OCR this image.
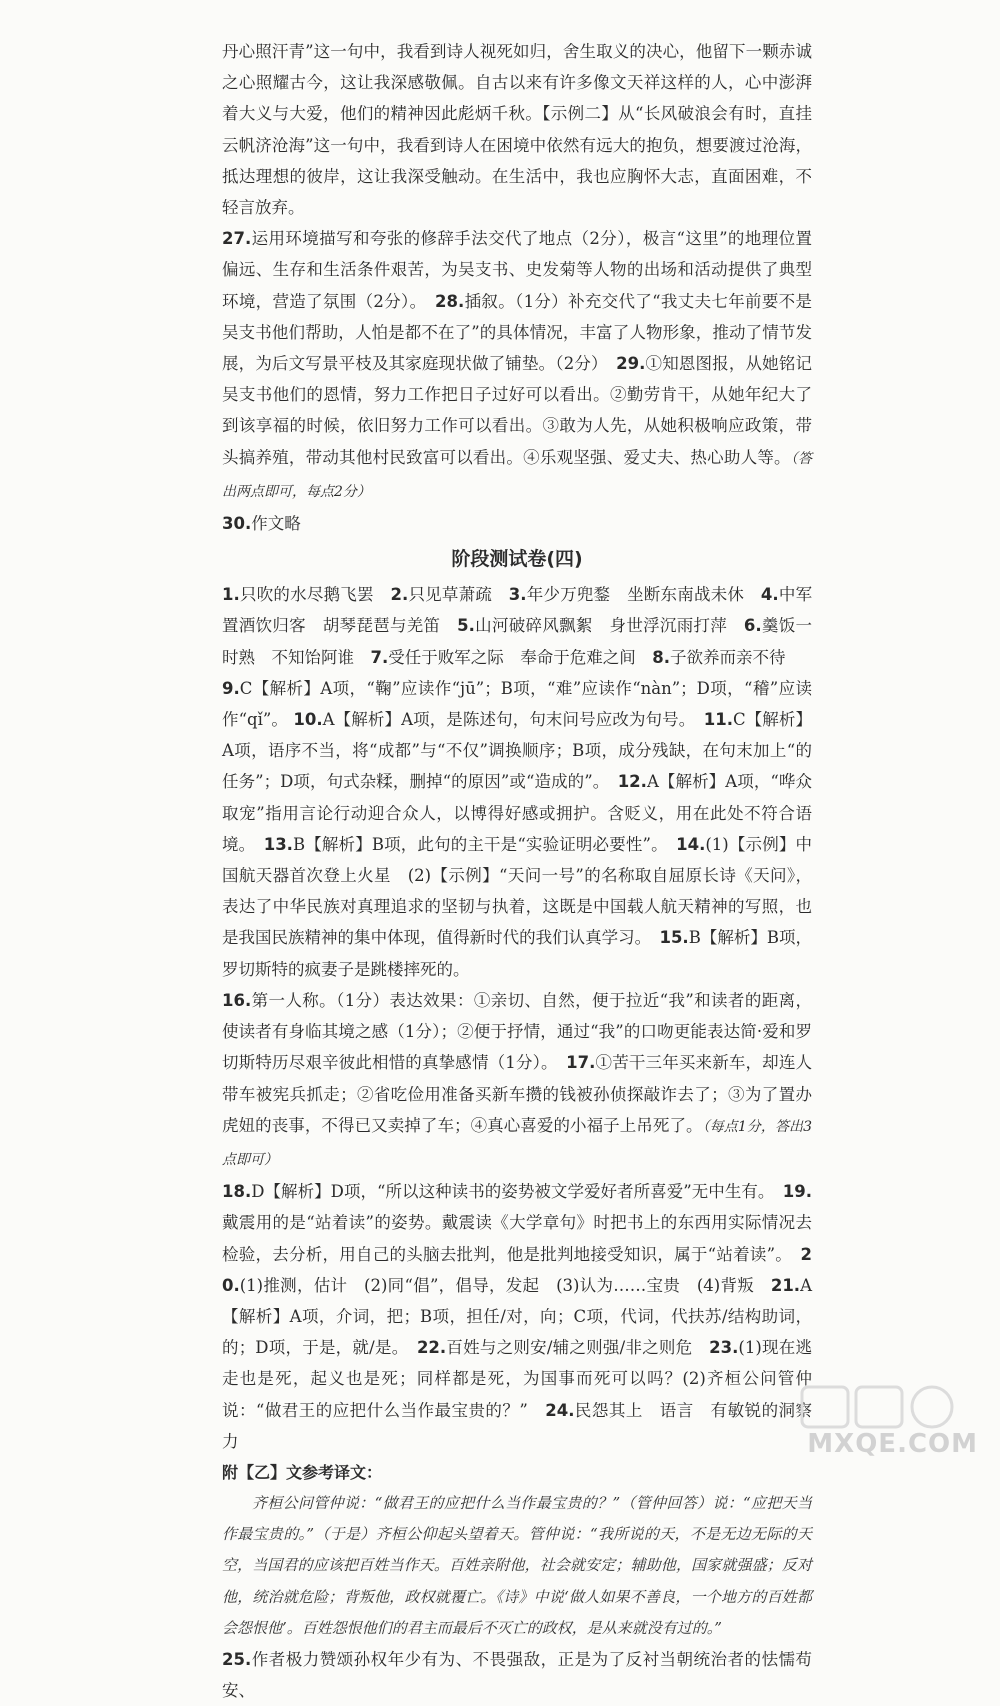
丹心照汗青”这一句中，我看到诗人视死如归，舍生取义的决心，他留下一颗赤诚之心照耀古今，这让我深感敬佩。自古以来有许多像文天祥这样的人，心中澎湃着大义与大爱，他们的精神因此彪炳千秋。【示例二】从“长风破浪会有时，直挂云帆济沧海”这一句中，我看到诗人在困境中依然有远大的抱负，想要渡过沧海，抵达理想的彼岸，这让我深受触动。在生活中，我也应胸怀大志，直面困难，不轻言放弃。

27.运用环境描写和夸张的修辞手法交代了地点（2分），极言“这里”的地理位置偏远、生存和生活条件艰苦，为吴支书、史发菊等人物的出场和活动提供了典型环境，营造了氛围（2分）。　 28.插叙。（1分）补充交代了“我丈夫七年前要不是吴支书他们帮助，人怕是都不在了”的具体情况，丰富了人物形象，推动了情节发展，为后文写景平枝及其家庭现状做了铺垫。（2分）　 29.①知恩图报，从她铭记吴支书他们的恩情，努力工作把日子过好可以看出。②勤劳肯干，从她年纪大了到该享福的时候，依旧努力工作可以看出。③敢为人先，从她积极响应政策，带头搞养殖，带动其他村民致富可以看出。④乐观坚强、爱丈夫、热心助人等。（答出两点即可，每点2分）

30.作文略

阶段测试卷(四)

1.只吹的水尽鹅飞罢　 2.只见草萧疏　 3.年少万兜鍪　坐断东南战未休　 4.中军置酒饮归客　胡琴琵琶与羌笛　 5.山河破碎风飘絮　身世浮沉雨打萍　 6.羹饭一时熟　不知饴阿谁　 7.受任于败军之际　奉命于危难之间　 8.子欲养而亲不待

9.C【解析】A项，“鞠”应读作“jū”；B项，“难”应读作“nàn”；D项，“稽”应读作“qǐ”。 10.A【解析】A项，是陈述句，句末问号应改为句号。　 11.C【解析】A项，语序不当，将“成都”与“不仅”调换顺序；B项，成分残缺，在句末加上“的任务”；D项，句式杂糅，删掉“的原因”或“造成的”。　 12.A【解析】A项，“哗众取宠”指用言论行动迎合众人，以博得好感或拥护。含贬义，用在此处不符合语境。　 13.B【解析】B项，此句的主干是“实验证明必要性”。　 14.(1)【示例】中国航天器首次登上火星　(2)【示例】“天问一号”的名称取自屈原长诗《天问》，表达了中华民族对真理追求的坚韧与执着，这既是中国载人航天精神的写照，也是我国民族精神的集中体现，值得新时代的我们认真学习。　 15.B【解析】B项，罗切斯特的疯妻子是跳楼摔死的。
16.第一人称。（1分）表达效果：①亲切、自然，便于拉近“我”和读者的距离，使读者有身临其境之感（1分）；②便于抒情，通过“我”的口吻更能表达简·爱和罗切斯特历尽艰辛彼此相惜的真挚感情（1分）。　 17.①苦干三年买来新车，却连人带车被宪兵抓走；②省吃俭用准备买新车攒的钱被孙侦探敲诈去了；③为了置办虎妞的丧事，不得已又卖掉了车；④真心喜爱的小福子上吊死了。（每点1分，答出3点即可）
18.D【解析】D项，“所以这种读书的姿势被文学爱好者所喜爱”无中生有。　 19.戴震用的是“站着读”的姿势。戴震读《大学章句》时把书上的东西用实际情况去检验，去分析，用自己的头脑去批判，他是批判地接受知识，属于“站着读”。　 20.(1)推测，估计　(2)同“倡”，倡导，发起　(3)认为……宝贵　(4)背叛　 21.A【解析】A项，介词，把；B项，担任/对，向；C项，代词，代扶苏/结构助词，的；D项，于是，就/是。　 22.百姓与之则安/辅之则强/非之则危　 23.(1)现在逃走也是死，起义也是死；同样都是死，为国事而死可以吗？(2)齐桓公问管仲说：“做君王的应把什么当作最宝贵的？”　 24.民怨其上　语言　有敏锐的洞察力

附【乙】文参考译文：

齐桓公问管仲说：“做君王的应把什么当作最宝贵的？”（管仲回答）说：“应把天当作最宝贵的。”（于是）齐桓公仰起头望着天。管仲说：“我所说的天，不是无边无际的天空，当国君的应该把百姓当作天。百姓亲附他，社会就安定；辅助他，国家就强盛；反对他，统治就危险；背叛他，政权就覆亡。《诗》中说‘做人如果不善良，一个地方的百姓都会怨恨他’。百姓怨恨他们的君主而最后不灭亡的政权，是从来就没有过的。”

25.作者极力赞颂孙权年少有为、不畏强敌，正是为了反衬当朝统治者的怯懦苟安、

MXQE.COM
